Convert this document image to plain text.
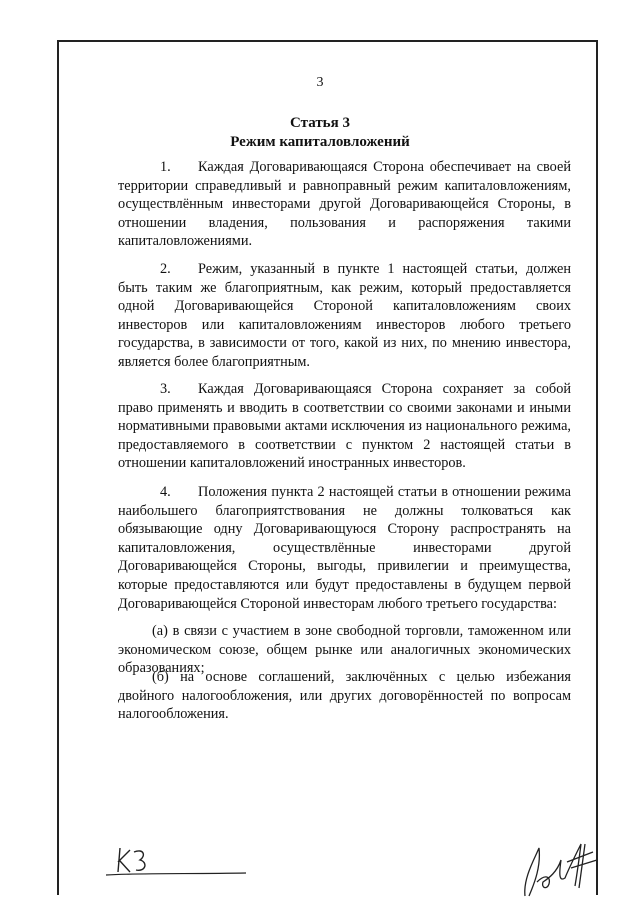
3
Статья 3
Режим капиталовложений

1. Каждая Договаривающаяся Сторона обеспечивает на своей территории справедливый и равноправный режим капиталовложениям, осуществлённым инвесторами другой Договаривающейся Стороны, в отношении владения, пользования и распоряжения такими капиталовложениями.

2. Режим, указанный в пункте 1 настоящей статьи, должен быть таким же благоприятным, как режим, который предоставляется одной Договаривающейся Стороной капиталовложениям своих инвесторов или капиталовложениям инвесторов любого третьего государства, в зависимости от того, какой из них, по мнению инвестора, является более благоприятным.

3. Каждая Договаривающаяся Сторона сохраняет за собой право применять и вводить в соответствии со своими законами и иными нормативными правовыми актами исключения из национального режима, предоставляемого в соответствии с пунктом 2 настоящей статьи в отношении капиталовложений иностранных инвесторов.

4. Положения пункта 2 настоящей статьи в отношении режима наибольшего благоприятствования не должны толковаться как обязывающие одну Договаривающуюся Сторону распространять на капиталовложения, осуществлённые инвесторами другой Договаривающейся Стороны, выгоды, привилегии и преимущества, которые предоставляются или будут предоставлены в будущем первой Договаривающейся Стороной инвесторам любого третьего государства:

(а) в связи с участием в зоне свободной торговли, таможенном или экономическом союзе, общем рынке или аналогичных экономических образованиях;

(б) на основе соглашений, заключённых с целью избежания двойного налогообложения, или других договорённостей по вопросам налогообложения.
